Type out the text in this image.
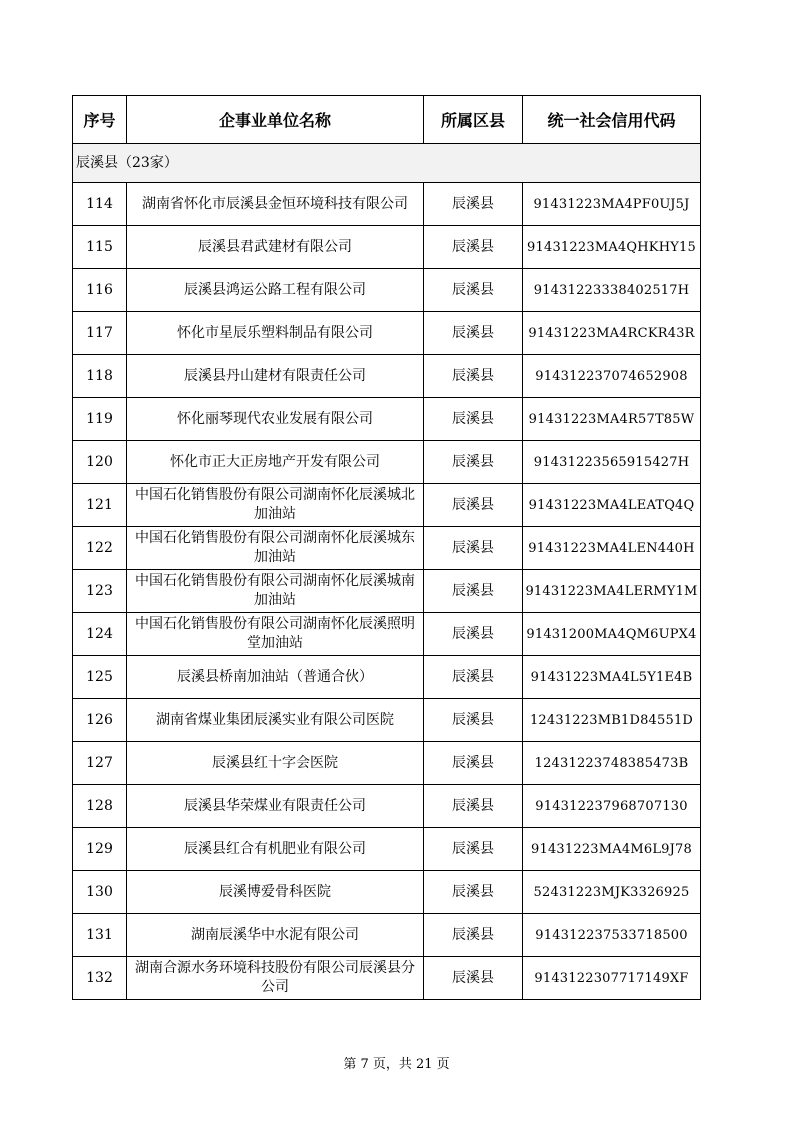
序号	企事业单位名称	所属区县	统一社会信用代码
辰溪县（23家）			
114	湖南省怀化市辰溪县金恒环境科技有限公司	辰溪县	91431223MA4PF0UJ5J
115	辰溪县君武建材有限公司	辰溪县	91431223MA4QHKHY15
116	辰溪县鸿运公路工程有限公司	辰溪县	91431223338402517H
117	怀化市星辰乐塑料制品有限公司	辰溪县	91431223MA4RCKR43R
118	辰溪县丹山建材有限责任公司	辰溪县	914312237074652908
119	怀化丽琴现代农业发展有限公司	辰溪县	91431223MA4R57T85W
120	怀化市正大正房地产开发有限公司	辰溪县	91431223565915427H
121	中国石化销售股份有限公司湖南怀化辰溪城北加油站	辰溪县	91431223MA4LEATQ4Q
122	中国石化销售股份有限公司湖南怀化辰溪城东加油站	辰溪县	91431223MA4LEN440H
123	中国石化销售股份有限公司湖南怀化辰溪城南加油站	辰溪县	91431223MA4LERMY1M
124	中国石化销售股份有限公司湖南怀化辰溪照明堂加油站	辰溪县	91431200MA4QM6UPX4
125	辰溪县桥南加油站（普通合伙）	辰溪县	91431223MA4L5Y1E4B
126	湖南省煤业集团辰溪实业有限公司医院	辰溪县	12431223MB1D84551D
127	辰溪县红十字会医院	辰溪县	12431223748385473B
128	辰溪县华荣煤业有限责任公司	辰溪县	914312237968707130
129	辰溪县红合有机肥业有限公司	辰溪县	91431223MA4M6L9J78
130	辰溪博爱骨科医院	辰溪县	52431223MJK3326925
131	湖南辰溪华中水泥有限公司	辰溪县	914312237533718500
132	湖南合源水务环境科技股份有限公司辰溪县分公司	辰溪县	9143122307717149XF
第 7 页，共 21 页
